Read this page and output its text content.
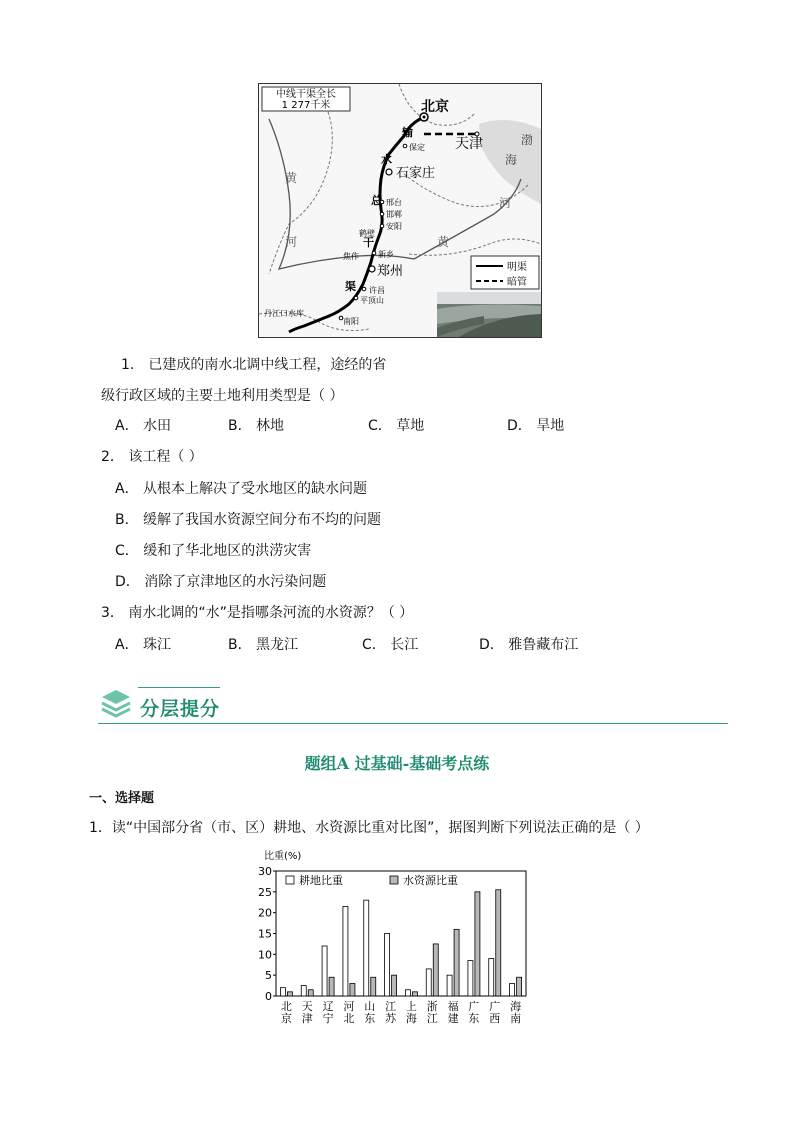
中线干渠全长
1 277千米	北京
天津
保定
石家庄
邢台
邯郸
安阳
鹤壁
新乡
焦作
郑州
许昌
平顶山
南阳
丹江口水库
输
水
总
干
渠
渤
海
黄
河
河
黄
明渠
暗管
1． 已建成的南水北调中线工程，途经的省
级行政区域的主要土地利用类型是（ ）
A． 水田	B． 林地	C． 草地	D． 旱地
2． 该工程（ ）
A． 从根本上解决了受水地区的缺水问题
B． 缓解了我国水资源空间分布不均的问题
C． 缓和了华北地区的洪涝灾害
D． 消除了京津地区的水污染问题
3． 南水北调的“水”是指哪条河流的水资源？（ ）
A． 珠江	B． 黑龙江	C． 长江	D． 雅鲁藏布江
分层提分
题组A 过基础-基础考点练
一、选择题
1．读“中国部分省（市、区）耕地、水资源比重对比图”，据图判断下列说法正确的是（ ）
比重(%)
0
5
10
15
20
25
30
耕地比重	水资源比重
北
京
天
津
辽
宁
河
北
山
东
江
苏
上
海
浙
江
福
建
广
东
广
西
海
南
